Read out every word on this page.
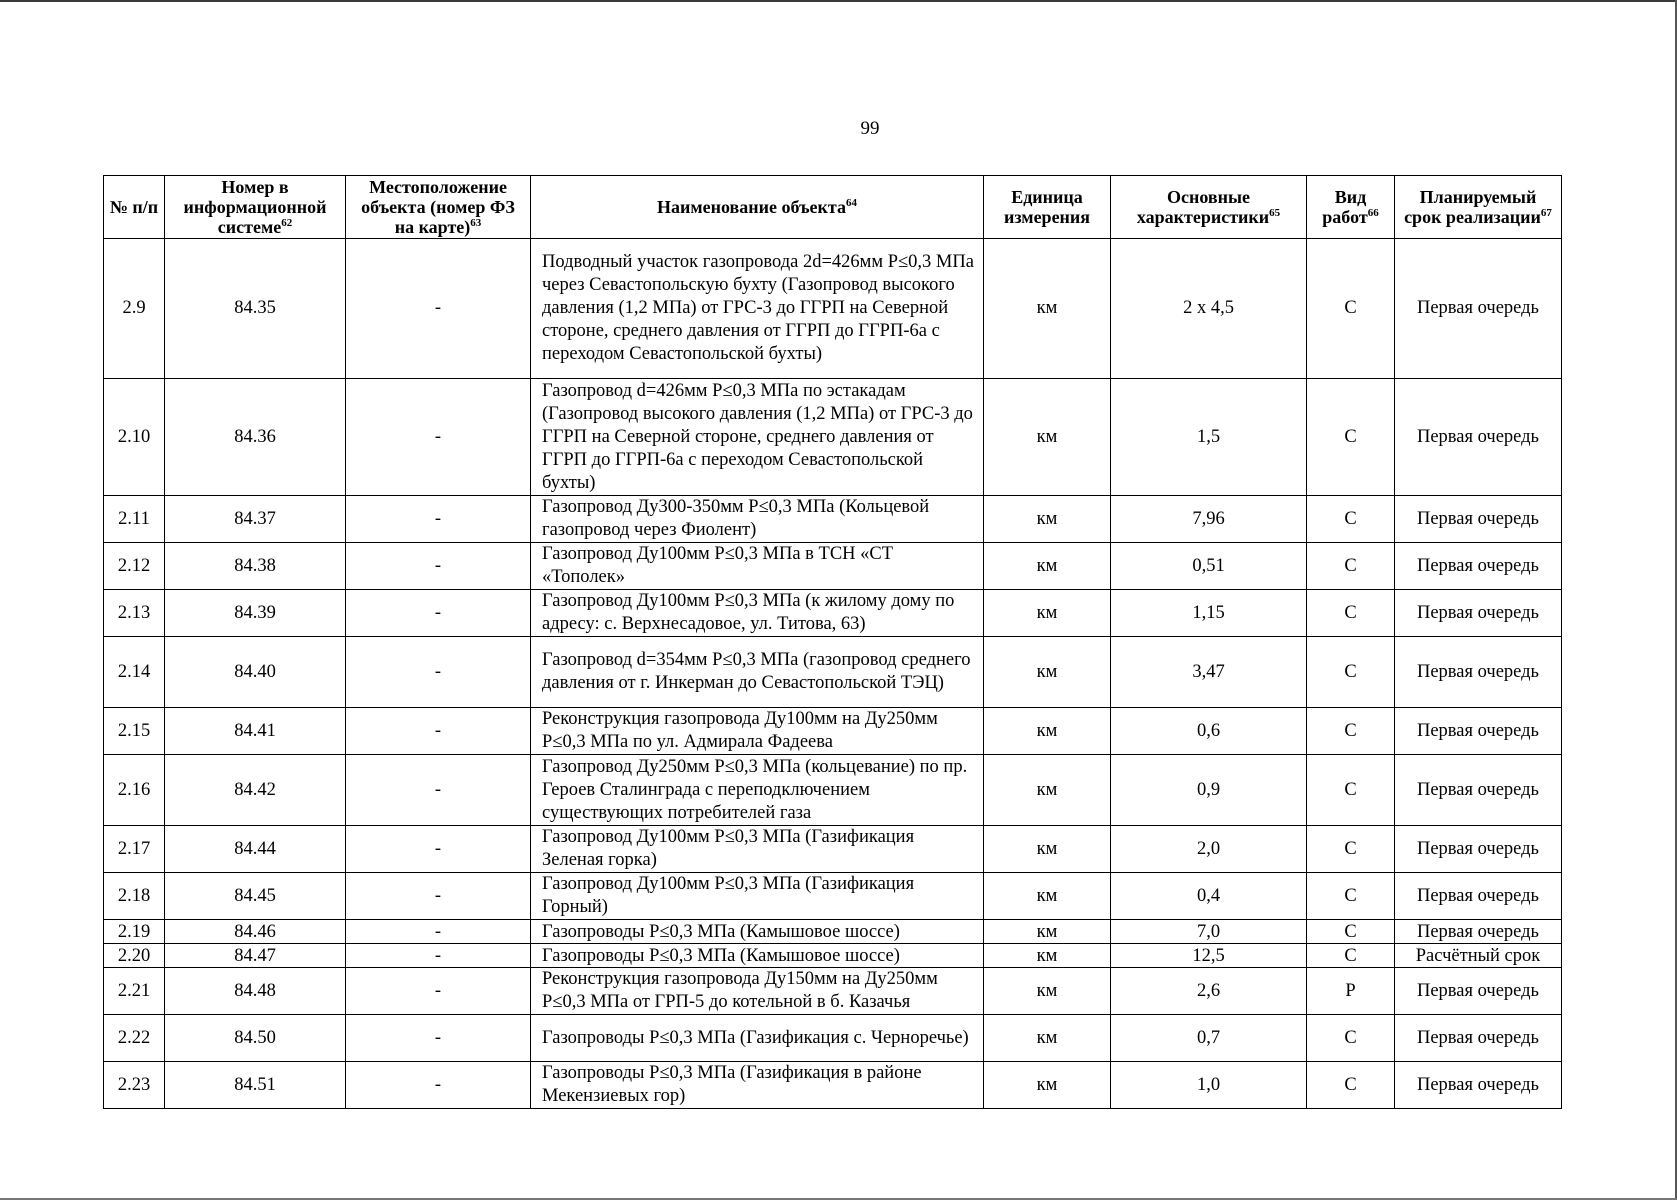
99
№ п/п	Номер в информационной системе$^{62}$	Местоположение объекта (номер ФЗ на карте)$^{63}$	Наименование объекта$^{64}$	Единица измерения	Основные характеристики$^{65}$	Вид работ$^{66}$	Планируемый срок реализации$^{67}$
2.9	84.35	-	Подводный участок газопровода 2d=426мм P≤0,3 МПа через Севастопольскую бухту (Газопровод высокого давления (1,2 МПа) от ГРС-3 до ГГРП на Северной стороне, среднего давления от ГГРП до ГГРП-6а с переходом Севастопольской бухты)	км	2 x 4,5	С	Первая очередь
2.10	84.36	-	Газопровод d=426мм P≤0,3 МПа по эстакадам (Газопровод высокого давления (1,2 МПа) от ГРС-3 до ГГРП на Северной стороне, среднего давления от ГГРП до ГГРП-6а с переходом Севастопольской бухты)	км	1,5	С	Первая очередь
2.11	84.37	-	Газопровод Ду300-350мм P≤0,3 МПа (Кольцевой газопровод через Фиолент)	км	7,96	С	Первая очередь
2.12	84.38	-	Газопровод Ду100мм P≤0,3 МПа в ТСН «СТ «Тополек»	км	0,51	С	Первая очередь
2.13	84.39	-	Газопровод Ду100мм P≤0,3 МПа (к жилому дому по адресу: с. Верхнесадовое, ул. Титова, 63)	км	1,15	С	Первая очередь
2.14	84.40	-	Газопровод d=354мм P≤0,3 МПа (газопровод среднего давления от г. Инкерман до Севастопольской ТЭЦ)	км	3,47	С	Первая очередь
2.15	84.41	-	Реконструкция газопровода Ду100мм на Ду250мм P≤0,3 МПа по ул. Адмирала Фадеева	км	0,6	С	Первая очередь
2.16	84.42	-	Газопровод Ду250мм P≤0,3 МПа (кольцевание) по пр. Героев Сталинграда с переподключением существующих потребителей газа	км	0,9	С	Первая очередь
2.17	84.44	-	Газопровод Ду100мм P≤0,3 МПа (Газификация Зеленая горка)	км	2,0	С	Первая очередь
2.18	84.45	-	Газопровод Ду100мм P≤0,3 МПа (Газификация Горный)	км	0,4	С	Первая очередь
2.19	84.46	-	Газопроводы P≤0,3 МПа (Камышовое шоссе)	км	7,0	С	Первая очередь
2.20	84.47	-	Газопроводы P≤0,3 МПа (Камышовое шоссе)	км	12,5	С	Расчётный срок
2.21	84.48	-	Реконструкция газопровода Ду150мм на Ду250мм P≤0,3 МПа от ГРП-5 до котельной в б. Казачья	км	2,6	Р	Первая очередь
2.22	84.50	-	Газопроводы P≤0,3 МПа (Газификация с. Черноречье)	км	0,7	С	Первая очередь
2.23	84.51	-	Газопроводы P≤0,3 МПа (Газификация в районе Мекензиевых гор)	км	1,0	С	Первая очередь
